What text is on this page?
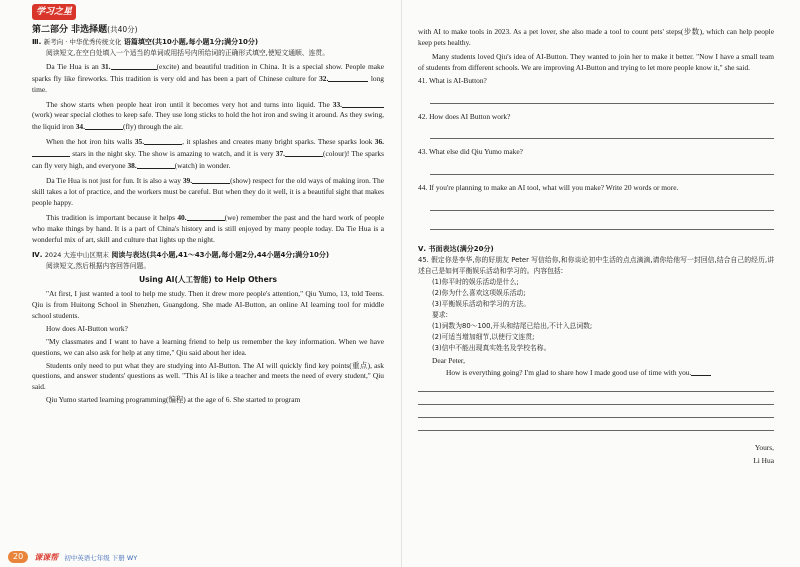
学习之星
第二部分 非选择题(共40分)

Ⅲ. 新考向 · 中华优秀传统文化 语篇填空(共10小题,每小题1分;满分10分)

阅读短文,在空白处填入一个适当的单词或用括号内所给词的正确形式填空,使短文通顺、连贯。

Da Tie Hua is an 31.	(excite) and beautiful tradition in China. It is a special show. People make sparks fly like fireworks. This tradition is very old and has been a part of Chinese culture for 32.	long time.

The show starts when people heat iron until it becomes very hot and turns into liquid. The 33.(work) wear special clothes to keep safe. They use long sticks to hold the hot iron and swing it around. As they swing, the liquid iron 34.	(fly) through the air.

When the hot iron hits walls 35.	, it splashes and creates many bright sparks. These sparks look 36. stars in the night sky. The show is amazing to watch, and it is very 37.	(colour)! The sparks can fly very high, and everyone 38.	(watch) in wonder.

Da Tie Hua is not just for fun. It is also a way 39.	(show) respect for the old ways of making iron. The skill takes a lot of practice, and the workers must be careful. But when they do it well, it is a beautiful sight that makes people happy.

This tradition is important because it helps 40.	(we) remember the past and the hard work of people who make things by hand. It is a part of China's history and is still enjoyed by many people today. Da Tie Hua is a wonderful mix of art, skill and culture that lights up the night.

Ⅳ. 2024 大连中山区期末 阅读与表达(共4小题,41～43小题,每小题2分,44小题4分;满分10分)

阅读短文,然后根据内容回答问题。

Using AI(人工智能) to Help Others

"At first, I just wanted a tool to help me study. Then it drew more people's attention," Qiu Yumo, 13, told Teens. Qiu is from Huitong School in Shenzhen, Guangdong. She made AI-Button, an online AI learning tool for middle school students.

How does AI-Button work?

"My classmates and I want to have a learning friend to help us remember the key information. When we have questions, we can also ask for help at any time," Qiu said about her idea.

Students only need to put what they are studying into AI-Button. The AI will quickly find key points(重点), ask questions, and answer students' questions as well. "This AI is like a teacher and meets the need of every student," Qiu said.

Qiu Yumo started learning programming(编程) at the age of 6. She started to program

20	课课帮 初中英语七年级 下册 WY

with AI to make tools in 2023. As a pet lover, she also made a tool to count pets' steps(步数), which can help people keep pets healthy.

Many students loved Qiu's idea of AI-Button. They wanted to join her to make it better. "Now I have a small team of students from different schools. We are improving AI-Button and trying to let more people know it," she said.

41. What is AI-Button?

42. How does AI Button work?

43. What else did Qiu Yumo make?

44. If you're planning to make an AI tool, what will you make? Write 20 words or more.

Ⅴ. 书面表达(满分20分)

45. 假定你是李华,你的好朋友 Peter 写信给你,和你谈论初中生活的点点滴滴,请你给他写一封回信,结合自己的经历,讲述自己是如何平衡娱乐活动和学习的。内容包括:

(1)你平时的娱乐活动是什么;

(2)你为什么喜欢这项娱乐活动;

(3)平衡娱乐活动和学习的方法。

要求:

(1)词数为80～100,开头和结尾已给出,不计入总词数;

(2)可适当增加细节,以使行文连贯;

(3)信中不能出现真实姓名及学校名称。

Dear Peter,

How is everything going? I'm glad to share how I made good use of time with you.

Yours,

Li Hua
